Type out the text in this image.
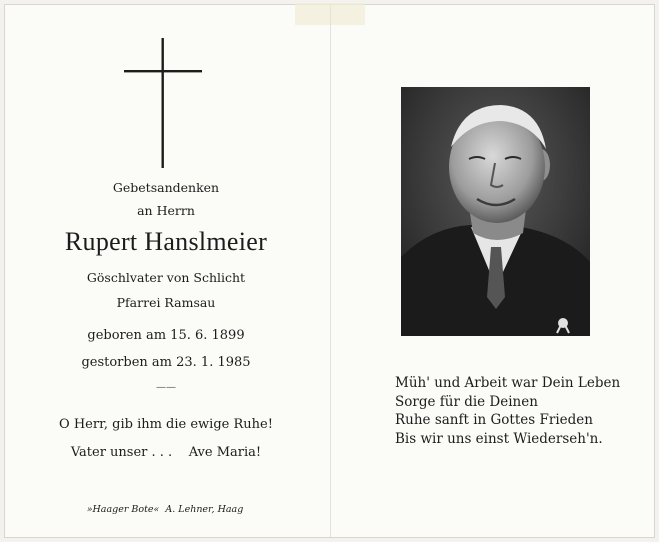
Gebetsandenken
an Herrn
Rupert Hanslmeier
Göschlvater von Schlicht
Pfarrei Ramsau
geboren am 15. 6. 1899
gestorben am 23. 1. 1985
——
O Herr, gib ihm die ewige Ruhe!
Vater unser . . .    Ave Maria!
»Haager Bote«  A. Lehner, Haag
Müh' und Arbeit war Dein Leben
Sorge für die Deinen
Ruhe sanft in Gottes Frieden
Bis wir uns einst Wiederseh'n.
